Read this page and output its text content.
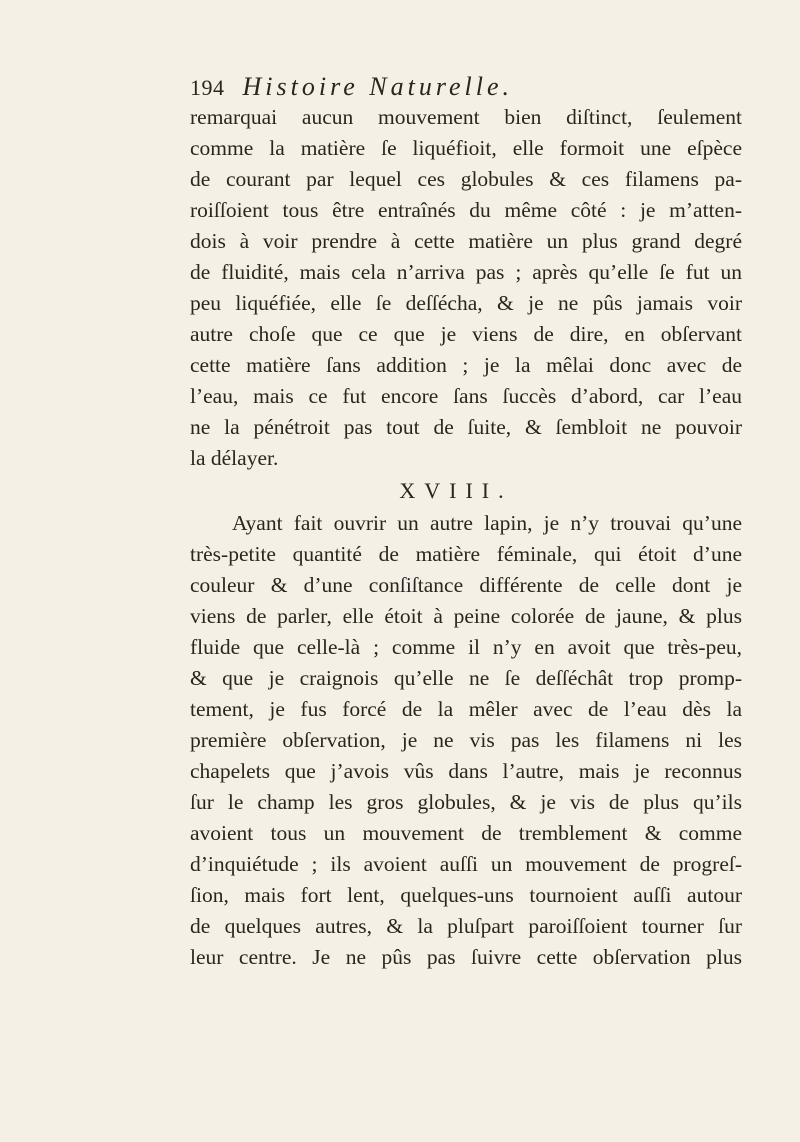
194 Histoire Naturelle.
remarquai aucun mouvement bien diſtinct, ſeulement
comme la matière ſe liquéfioit, elle formoit une eſpèce
de courant par lequel ces globules & ces filamens pa-
roiſſoient tous être entraînés du même côté : je m’atten-
dois à voir prendre à cette matière un plus grand degré
de fluidité, mais cela n’arriva pas ; après qu’elle ſe fut un
peu liquéfiée, elle ſe deſſécha, & je ne pûs jamais voir
autre choſe que ce que je viens de dire, en obſervant
cette matière ſans addition ; je la mêlai donc avec de
l’eau, mais ce fut encore ſans ſuccès d’abord, car l’eau
ne la pénétroit pas tout de ſuite, & ſembloit ne pouvoir
la délayer.
XVIII.
Ayant fait ouvrir un autre lapin, je n’y trouvai qu’une
très-petite quantité de matière féminale, qui étoit d’une
couleur & d’une conſiſtance différente de celle dont je
viens de parler, elle étoit à peine colorée de jaune, & plus
fluide que celle-là ; comme il n’y en avoit que très-peu,
& que je craignois qu’elle ne ſe deſſéchât trop promp-
tement, je fus forcé de la mêler avec de l’eau dès la
première obſervation, je ne vis pas les filamens ni les
chapelets que j’avois vûs dans l’autre, mais je reconnus
ſur le champ les gros globules, & je vis de plus qu’ils
avoient tous un mouvement de tremblement & comme
d’inquiétude ; ils avoient auſſi un mouvement de progreſ-
ſion, mais fort lent, quelques-uns tournoient auſſi autour
de quelques autres, & la pluſpart paroiſſoient tourner ſur
leur centre. Je ne pûs pas ſuivre cette obſervation plus
